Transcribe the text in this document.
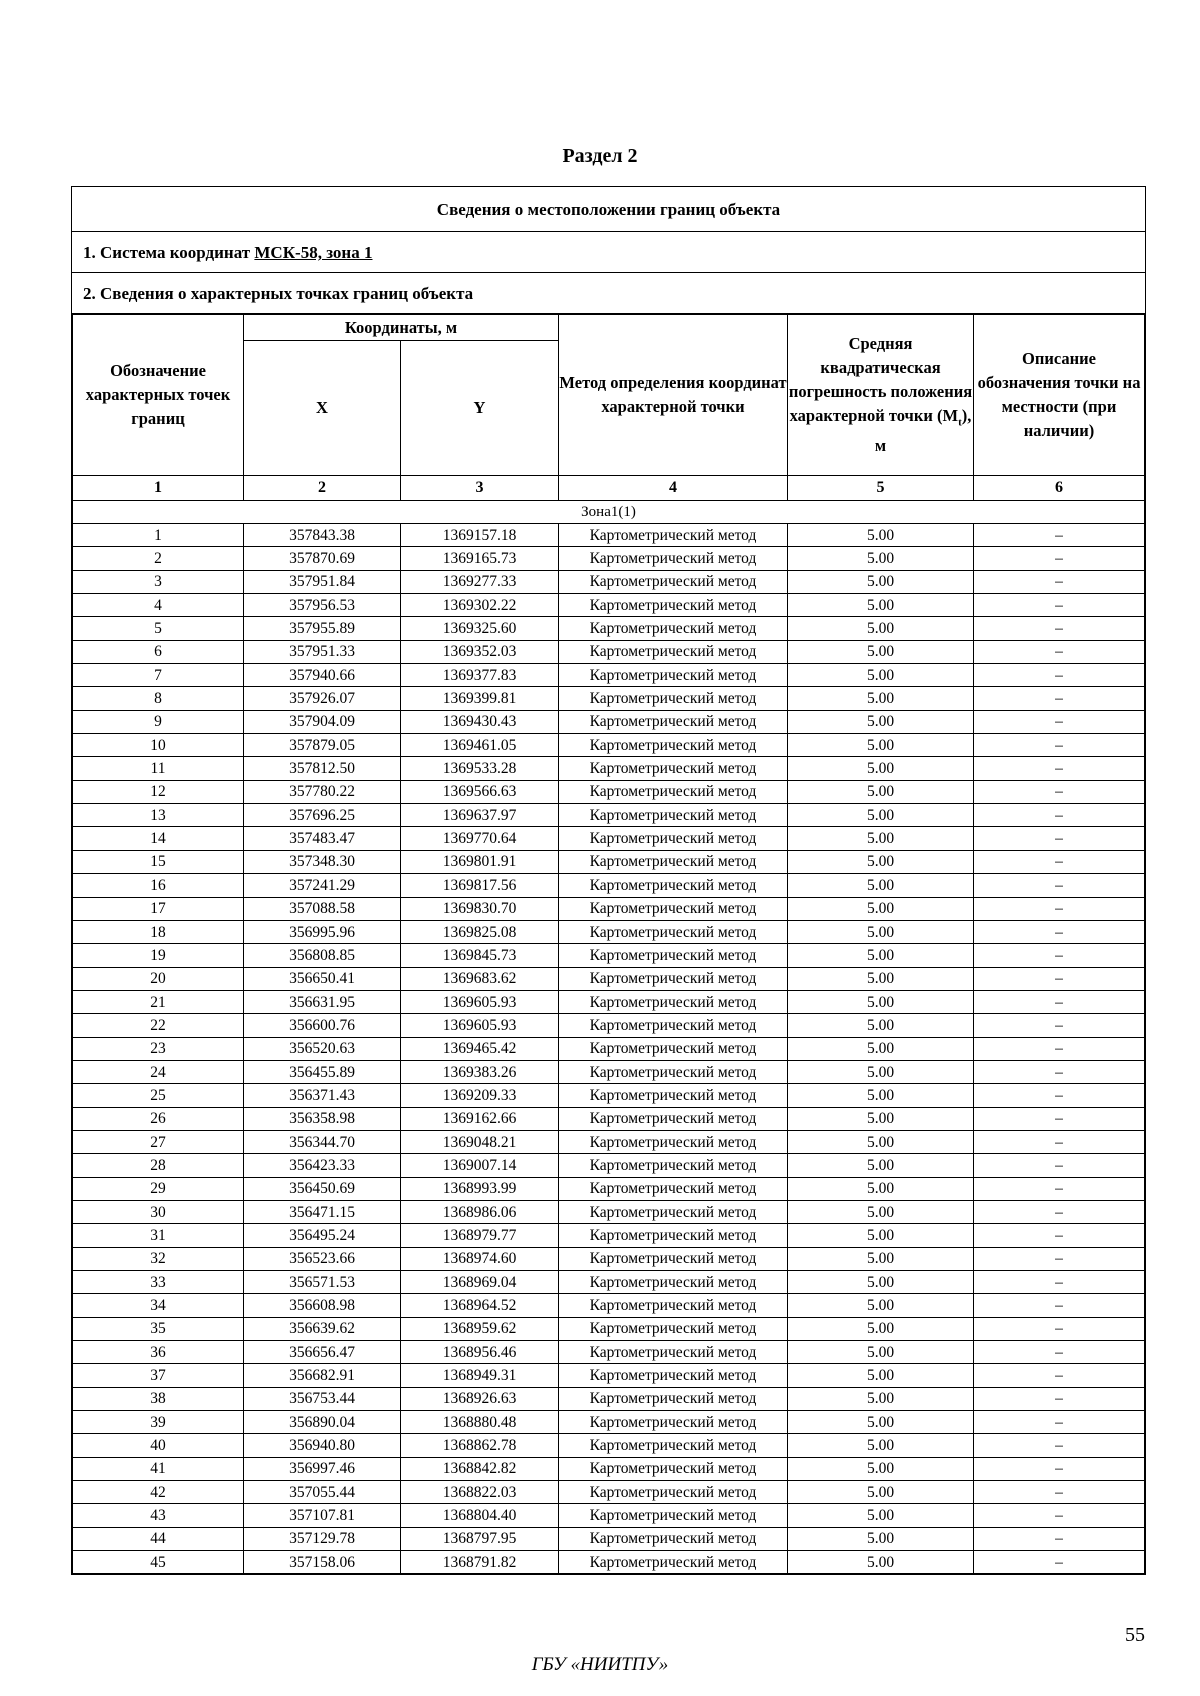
Раздел 2
Сведения о местоположении границ объекта
1. Система координат МСК-58, зона 1
2. Сведения о характерных точках границ объекта
Обозначение характерных точек границ	Координаты, м		Метод определения координат характерной точки	Средняя квадратическая погрешность положения характерной точки $(M_t)$, м	Описание обозначения точки на местности (при наличии)
	X	Y			
1	2	3	4	5	6
Зона1(1)					
1	357843.38	1369157.18	Картометрический метод	5.00	–
2	357870.69	1369165.73	Картометрический метод	5.00	–
3	357951.84	1369277.33	Картометрический метод	5.00	–
4	357956.53	1369302.22	Картометрический метод	5.00	–
5	357955.89	1369325.60	Картометрический метод	5.00	–
6	357951.33	1369352.03	Картометрический метод	5.00	–
7	357940.66	1369377.83	Картометрический метод	5.00	–
8	357926.07	1369399.81	Картометрический метод	5.00	–
9	357904.09	1369430.43	Картометрический метод	5.00	–
10	357879.05	1369461.05	Картометрический метод	5.00	–
11	357812.50	1369533.28	Картометрический метод	5.00	–
12	357780.22	1369566.63	Картометрический метод	5.00	–
13	357696.25	1369637.97	Картометрический метод	5.00	–
14	357483.47	1369770.64	Картометрический метод	5.00	–
15	357348.30	1369801.91	Картометрический метод	5.00	–
16	357241.29	1369817.56	Картометрический метод	5.00	–
17	357088.58	1369830.70	Картометрический метод	5.00	–
18	356995.96	1369825.08	Картометрический метод	5.00	–
19	356808.85	1369845.73	Картометрический метод	5.00	–
20	356650.41	1369683.62	Картометрический метод	5.00	–
21	356631.95	1369605.93	Картометрический метод	5.00	–
22	356600.76	1369605.93	Картометрический метод	5.00	–
23	356520.63	1369465.42	Картометрический метод	5.00	–
24	356455.89	1369383.26	Картометрический метод	5.00	–
25	356371.43	1369209.33	Картометрический метод	5.00	–
26	356358.98	1369162.66	Картометрический метод	5.00	–
27	356344.70	1369048.21	Картометрический метод	5.00	–
28	356423.33	1369007.14	Картометрический метод	5.00	–
29	356450.69	1368993.99	Картометрический метод	5.00	–
30	356471.15	1368986.06	Картометрический метод	5.00	–
31	356495.24	1368979.77	Картометрический метод	5.00	–
32	356523.66	1368974.60	Картометрический метод	5.00	–
33	356571.53	1368969.04	Картометрический метод	5.00	–
34	356608.98	1368964.52	Картометрический метод	5.00	–
35	356639.62	1368959.62	Картометрический метод	5.00	–
36	356656.47	1368956.46	Картометрический метод	5.00	–
37	356682.91	1368949.31	Картометрический метод	5.00	–
38	356753.44	1368926.63	Картометрический метод	5.00	–
39	356890.04	1368880.48	Картометрический метод	5.00	–
40	356940.80	1368862.78	Картометрический метод	5.00	–
41	356997.46	1368842.82	Картометрический метод	5.00	–
42	357055.44	1368822.03	Картометрический метод	5.00	–
43	357107.81	1368804.40	Картометрический метод	5.00	–
44	357129.78	1368797.95	Картометрический метод	5.00	–
45	357158.06	1368791.82	Картометрический метод	5.00	–
55
ГБУ «НИИТПУ»
